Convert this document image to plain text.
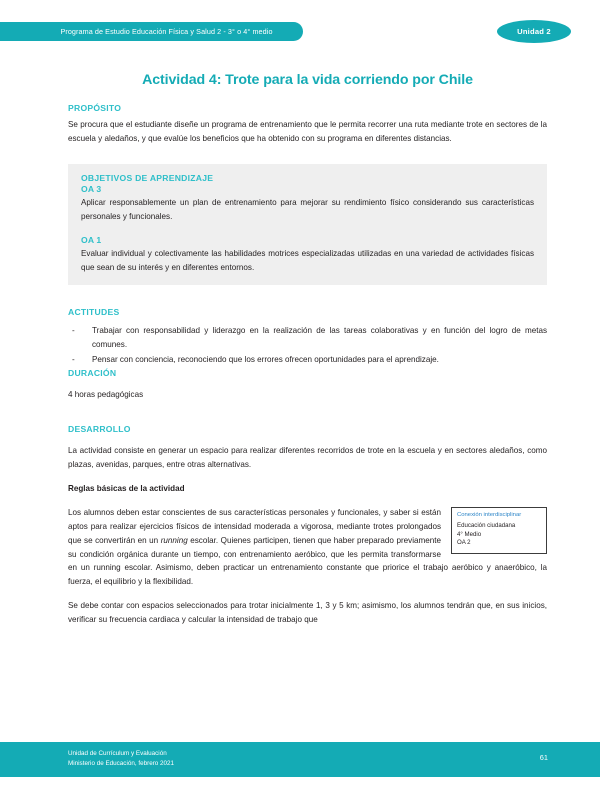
Programa de Estudio Educación Física y Salud 2 - 3° o 4° medio	Unidad 2
Actividad 4: Trote para la vida corriendo por Chile
PROPÓSITO

Se procura que el estudiante diseñe un programa de entrenamiento que le permita recorrer una ruta mediante trote en sectores de la escuela y aledaños, y que evalúe los beneficios que ha obtenido con su programa en diferentes distancias.

OBJETIVOS DE APRENDIZAJE
OA 3

Aplicar responsablemente un plan de entrenamiento para mejorar su rendimiento físico considerando sus características personales y funcionales.

OA 1

Evaluar individual y colectivamente las habilidades motrices especializadas utilizadas en una variedad de actividades físicas que sean de su interés y en diferentes entornos.

ACTITUDES
- Trabajar con responsabilidad y liderazgo en la realización de las tareas colaborativas y en función del logro de metas comunes.
- Pensar con conciencia, reconociendo que los errores ofrecen oportunidades para el aprendizaje.
DURACIÓN

4 horas pedagógicas

DESARROLLO

La actividad consiste en generar un espacio para realizar diferentes recorridos de trote en la escuela y en sectores aledaños, como plazas, avenidas, parques, entre otras alternativas.

Reglas básicas de la actividad

Conexión interdisciplinar
Educación ciudadana
4° Medio
OA 2

Los alumnos deben estar conscientes de sus características personales y funcionales, y saber si están aptos para realizar ejercicios físicos de intensidad moderada a vigorosa, mediante trotes prolongados que se convertirán en un running escolar. Quienes participen, tienen que haber preparado previamente su condición orgánica durante un tiempo, con entrenamiento aeróbico, que les permita transformarse en un running escolar. Asimismo, deben practicar un entrenamiento constante que priorice el trabajo aeróbico y anaeróbico, la fuerza, el equilibrio y la flexibilidad.

Se debe contar con espacios seleccionados para trotar inicialmente 1, 3 y 5 km; asimismo, los alumnos tendrán que, en sus inicios, verificar su frecuencia cardiaca y calcular la intensidad de trabajo que

Unidad de Currículum y Evaluación
Ministerio de Educación, febrero 2021
61
